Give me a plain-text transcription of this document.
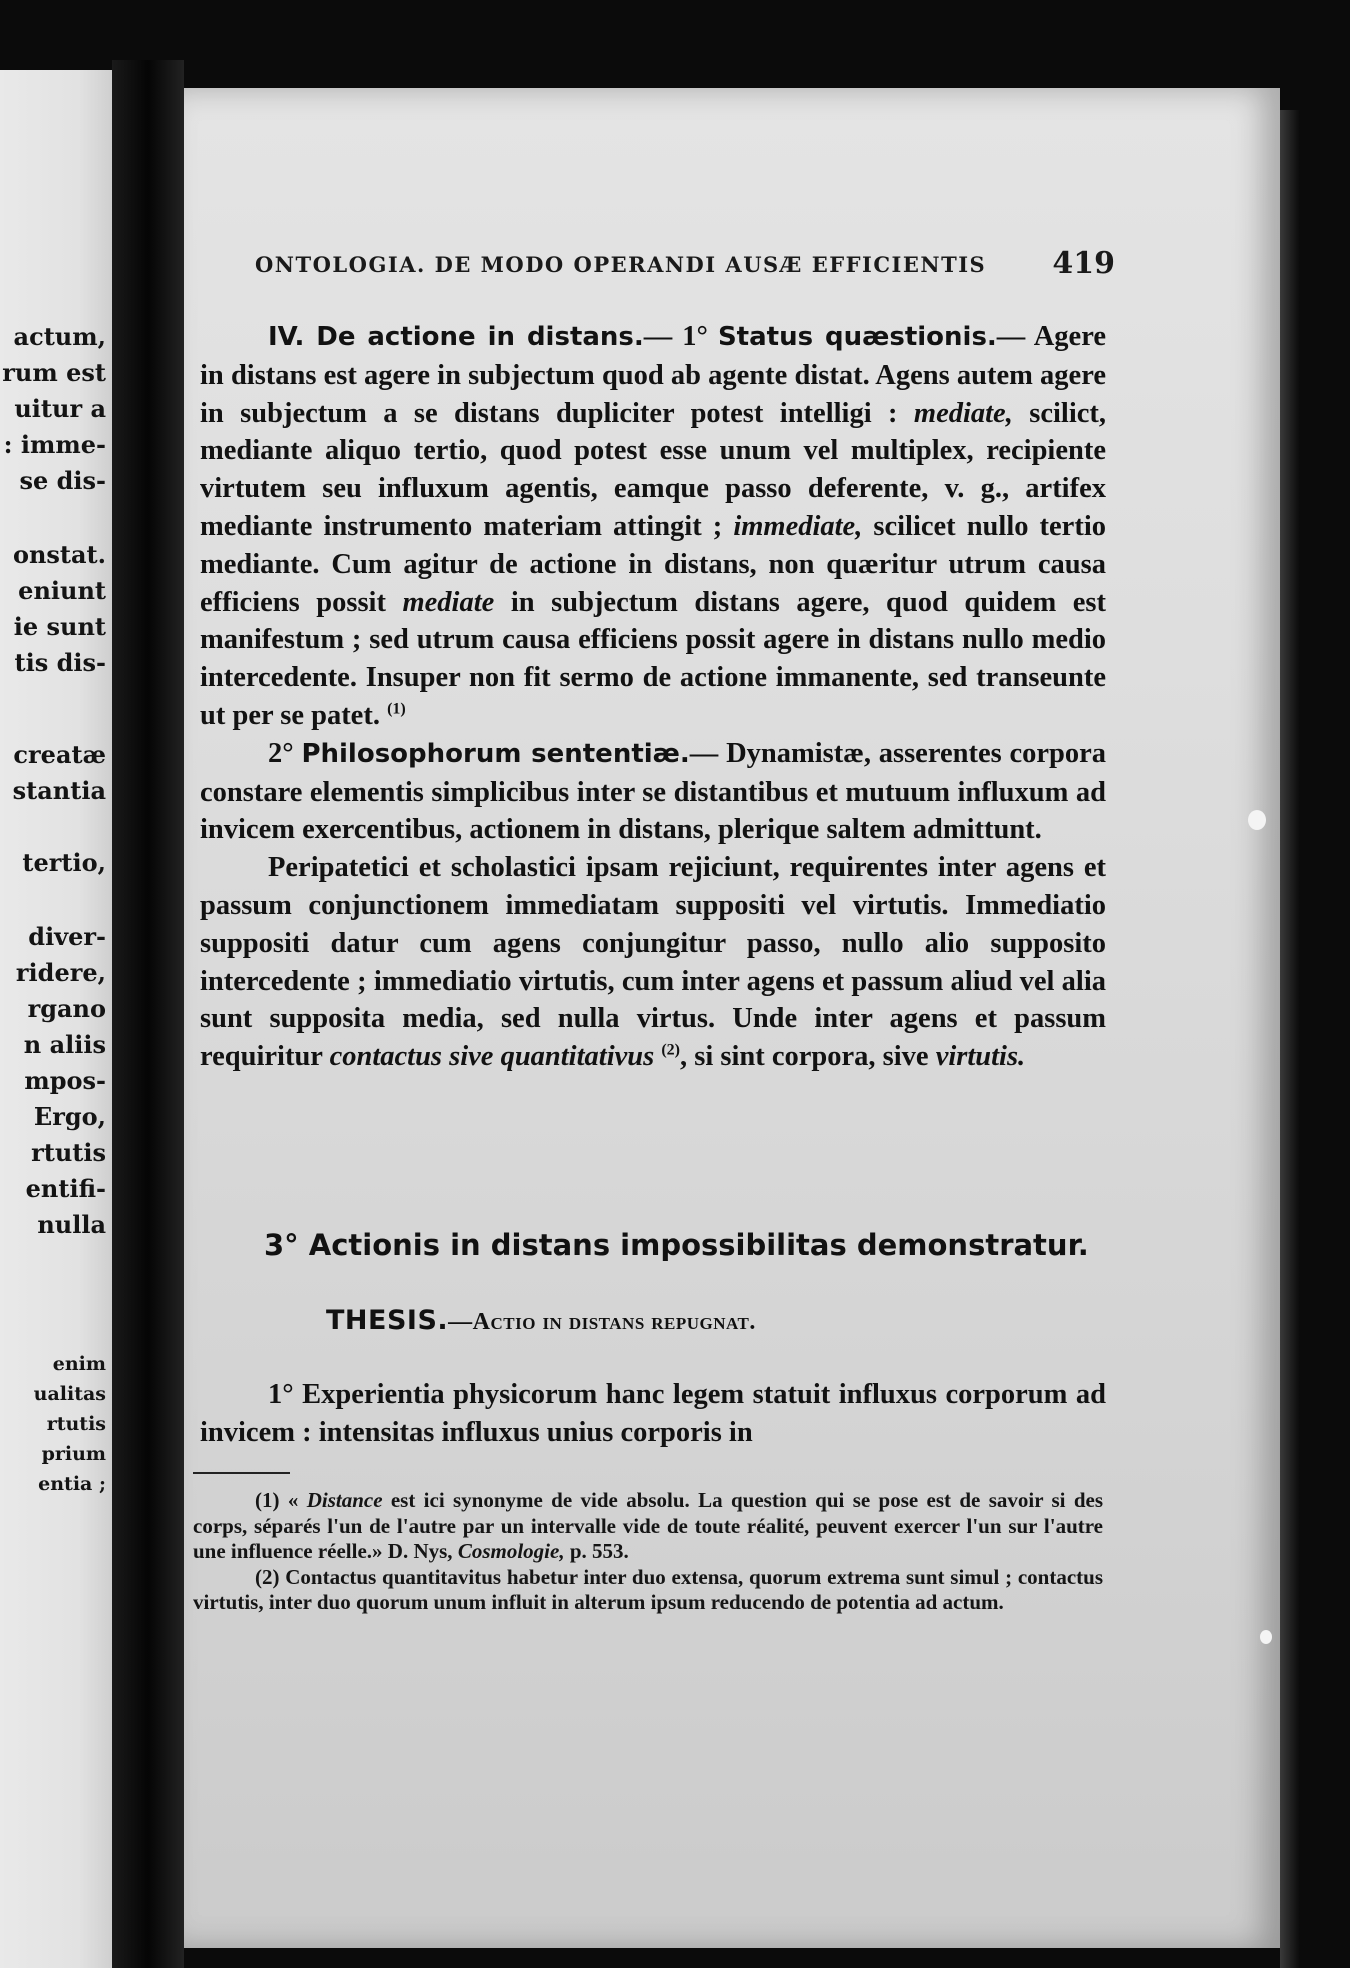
actum,
rum est
uitur a
: imme-
se dis-
onstat.
eniunt
ie sunt
tis dis-
creatæ
stantia
tertio,
diver-
ridere,
rgano
n aliis
mpos-
Ergo,
rtutis
entifi-
nulla
enim
ualitas
rtutis
prium
entia ;
ONTOLOGIA. DE MODO OPERANDI AUSÆ EFFICIENTIS 419

IV. De actione in distans.— 1° Status quæstionis.— Agere in distans est agere in subjectum quod ab agente distat. Agens autem agere in subjectum a se distans dupliciter potest intelligi : mediate, scilict, mediante aliquo tertio, quod potest esse unum vel multiplex, recipiente virtutem seu influxum agentis, eamque passo deferente, v. g., artifex mediante instrumento materiam attingit ; immediate, scilicet nullo tertio mediante. Cum agitur de actione in distans, non quæritur utrum causa efficiens possit mediate in subjectum distans agere, quod quidem est manifestum ; sed utrum causa efficiens possit agere in distans nullo medio intercedente. Insuper non fit sermo de actione immanente, sed transeunte ut per se patet. $^{(1)}$

2° Philosophorum sententiæ.— Dynamistæ, asserentes corpora constare elementis simplicibus inter se distantibus et mutuum influxum ad invicem exercentibus, actionem in distans, plerique saltem admittunt.

Peripatetici et scholastici ipsam rejiciunt, requirentes inter agens et passum conjunctionem immediatam suppositi vel virtutis. Immediatio suppositi datur cum agens conjungitur passo, nullo alio supposito intercedente ; immediatio virtutis, cum inter agens et passum aliud vel alia sunt supposita media, sed nulla virtus. Unde inter agens et passum requiritur contactus sive quantitativus $^{(2)}$, si sint corpora, sive virtutis.

3° Actionis in distans impossibilitas demonstratur.
THESIS.—Actio in distans repugnat.

1° Experientia physicorum hanc legem statuit influxus corporum ad invicem : intensitas influxus unius corporis in

(1) « Distance est ici synonyme de vide absolu. La question qui se pose est de savoir si des corps, séparés l'un de l'autre par un intervalle vide de toute réalité, peuvent exercer l'un sur l'autre une influence réelle.» D. Nys, Cosmologie, p. 553.

(2) Contactus quantitavitus habetur inter duo extensa, quorum extrema sunt simul ; contactus virtutis, inter duo quorum unum influit in alterum ipsum reducendo de potentia ad actum.
